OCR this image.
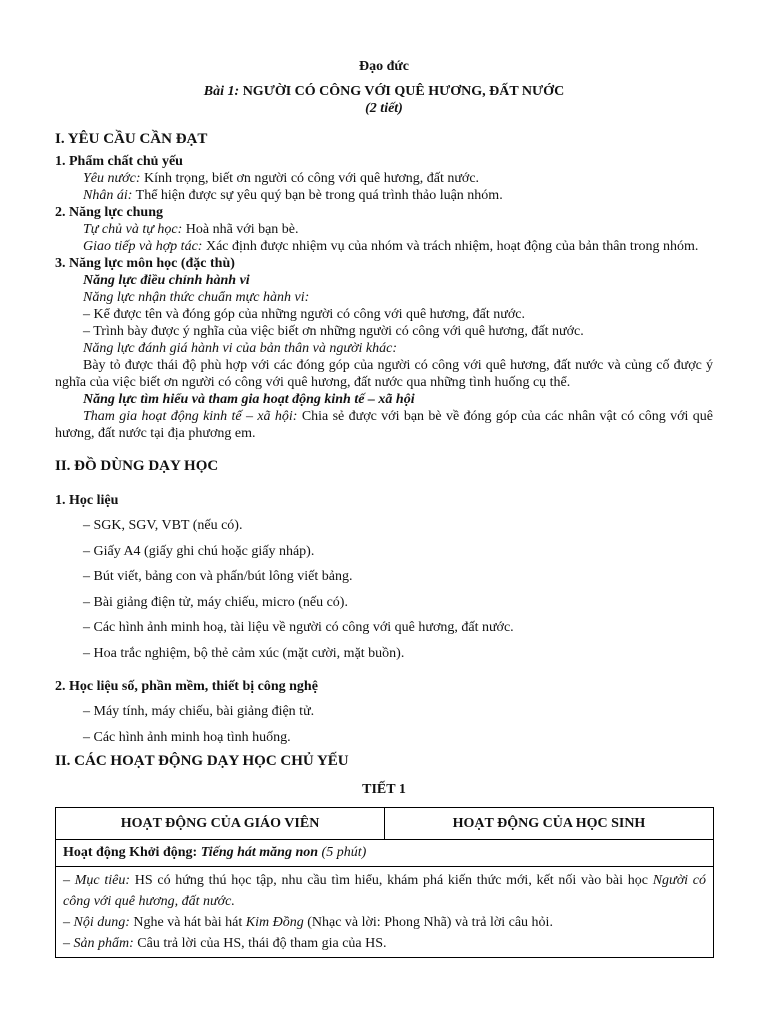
Đạo đức

Bài 1: NGƯỜI CÓ CÔNG VỚI QUÊ HƯƠNG, ĐẤT NƯỚC

(2 tiết)

I. YÊU CẦU CẦN ĐẠT

1. Phẩm chất chủ yếu

Yêu nước: Kính trọng, biết ơn người có công với quê hương, đất nước.

Nhân ái: Thể hiện được sự yêu quý bạn bè trong quá trình thảo luận nhóm.

2. Năng lực chung

Tự chủ và tự học: Hoà nhã với bạn bè.

Giao tiếp và hợp tác: Xác định được nhiệm vụ của nhóm và trách nhiệm, hoạt động của bản thân trong nhóm.

3. Năng lực môn học (đặc thù)

Năng lực điều chỉnh hành vi

Năng lực nhận thức chuẩn mực hành vi:

– Kể được tên và đóng góp của những người có công với quê hương, đất nước.

– Trình bày được ý nghĩa của việc biết ơn những người có công với quê hương, đất nước.

Năng lực đánh giá hành vi của bản thân và người khác:

Bày tỏ được thái độ phù hợp với các đóng góp của người có công với quê hương, đất nước và củng cố được ý nghĩa của việc biết ơn người có công với quê hương, đất nước qua những tình huống cụ thể.

Năng lực tìm hiểu và tham gia hoạt động kinh tế – xã hội

Tham gia hoạt động kinh tế – xã hội: Chia sẻ được với bạn bè về đóng góp của các nhân vật có công với quê hương, đất nước tại địa phương em.

II. ĐỒ DÙNG DẠY HỌC

1. Học liệu

– SGK, SGV, VBT (nếu có).
– Giấy A4 (giấy ghi chú hoặc giấy nháp).
– Bút viết, bảng con và phấn/bút lông viết bảng.
– Bài giảng điện tử, máy chiếu, micro (nếu có).
– Các hình ảnh minh hoạ, tài liệu về người có công với quê hương, đất nước.
– Hoa trắc nghiệm, bộ thẻ cảm xúc (mặt cười, mặt buồn).

2. Học liệu số, phần mềm, thiết bị công nghệ

– Máy tính, máy chiếu, bài giảng điện tử.
– Các hình ảnh minh hoạ tình huống.

II. CÁC HOẠT ĐỘNG DẠY HỌC CHỦ YẾU

TIẾT 1

HOẠT ĐỘNG CỦA GIÁO VIÊN	HOẠT ĐỘNG CỦA HỌC SINH
Hoạt động Khởi động: Tiếng hát măng non (5 phút)

– Mục tiêu: HS có hứng thú học tập, nhu cầu tìm hiểu, khám phá kiến thức mới, kết nối vào bài học Người có công với quê hương, đất nước.
– Nội dung: Nghe và hát bài hát Kim Đồng (Nhạc và lời: Phong Nhã) và trả lời câu hỏi.
– Sản phẩm: Câu trả lời của HS, thái độ tham gia của HS.
